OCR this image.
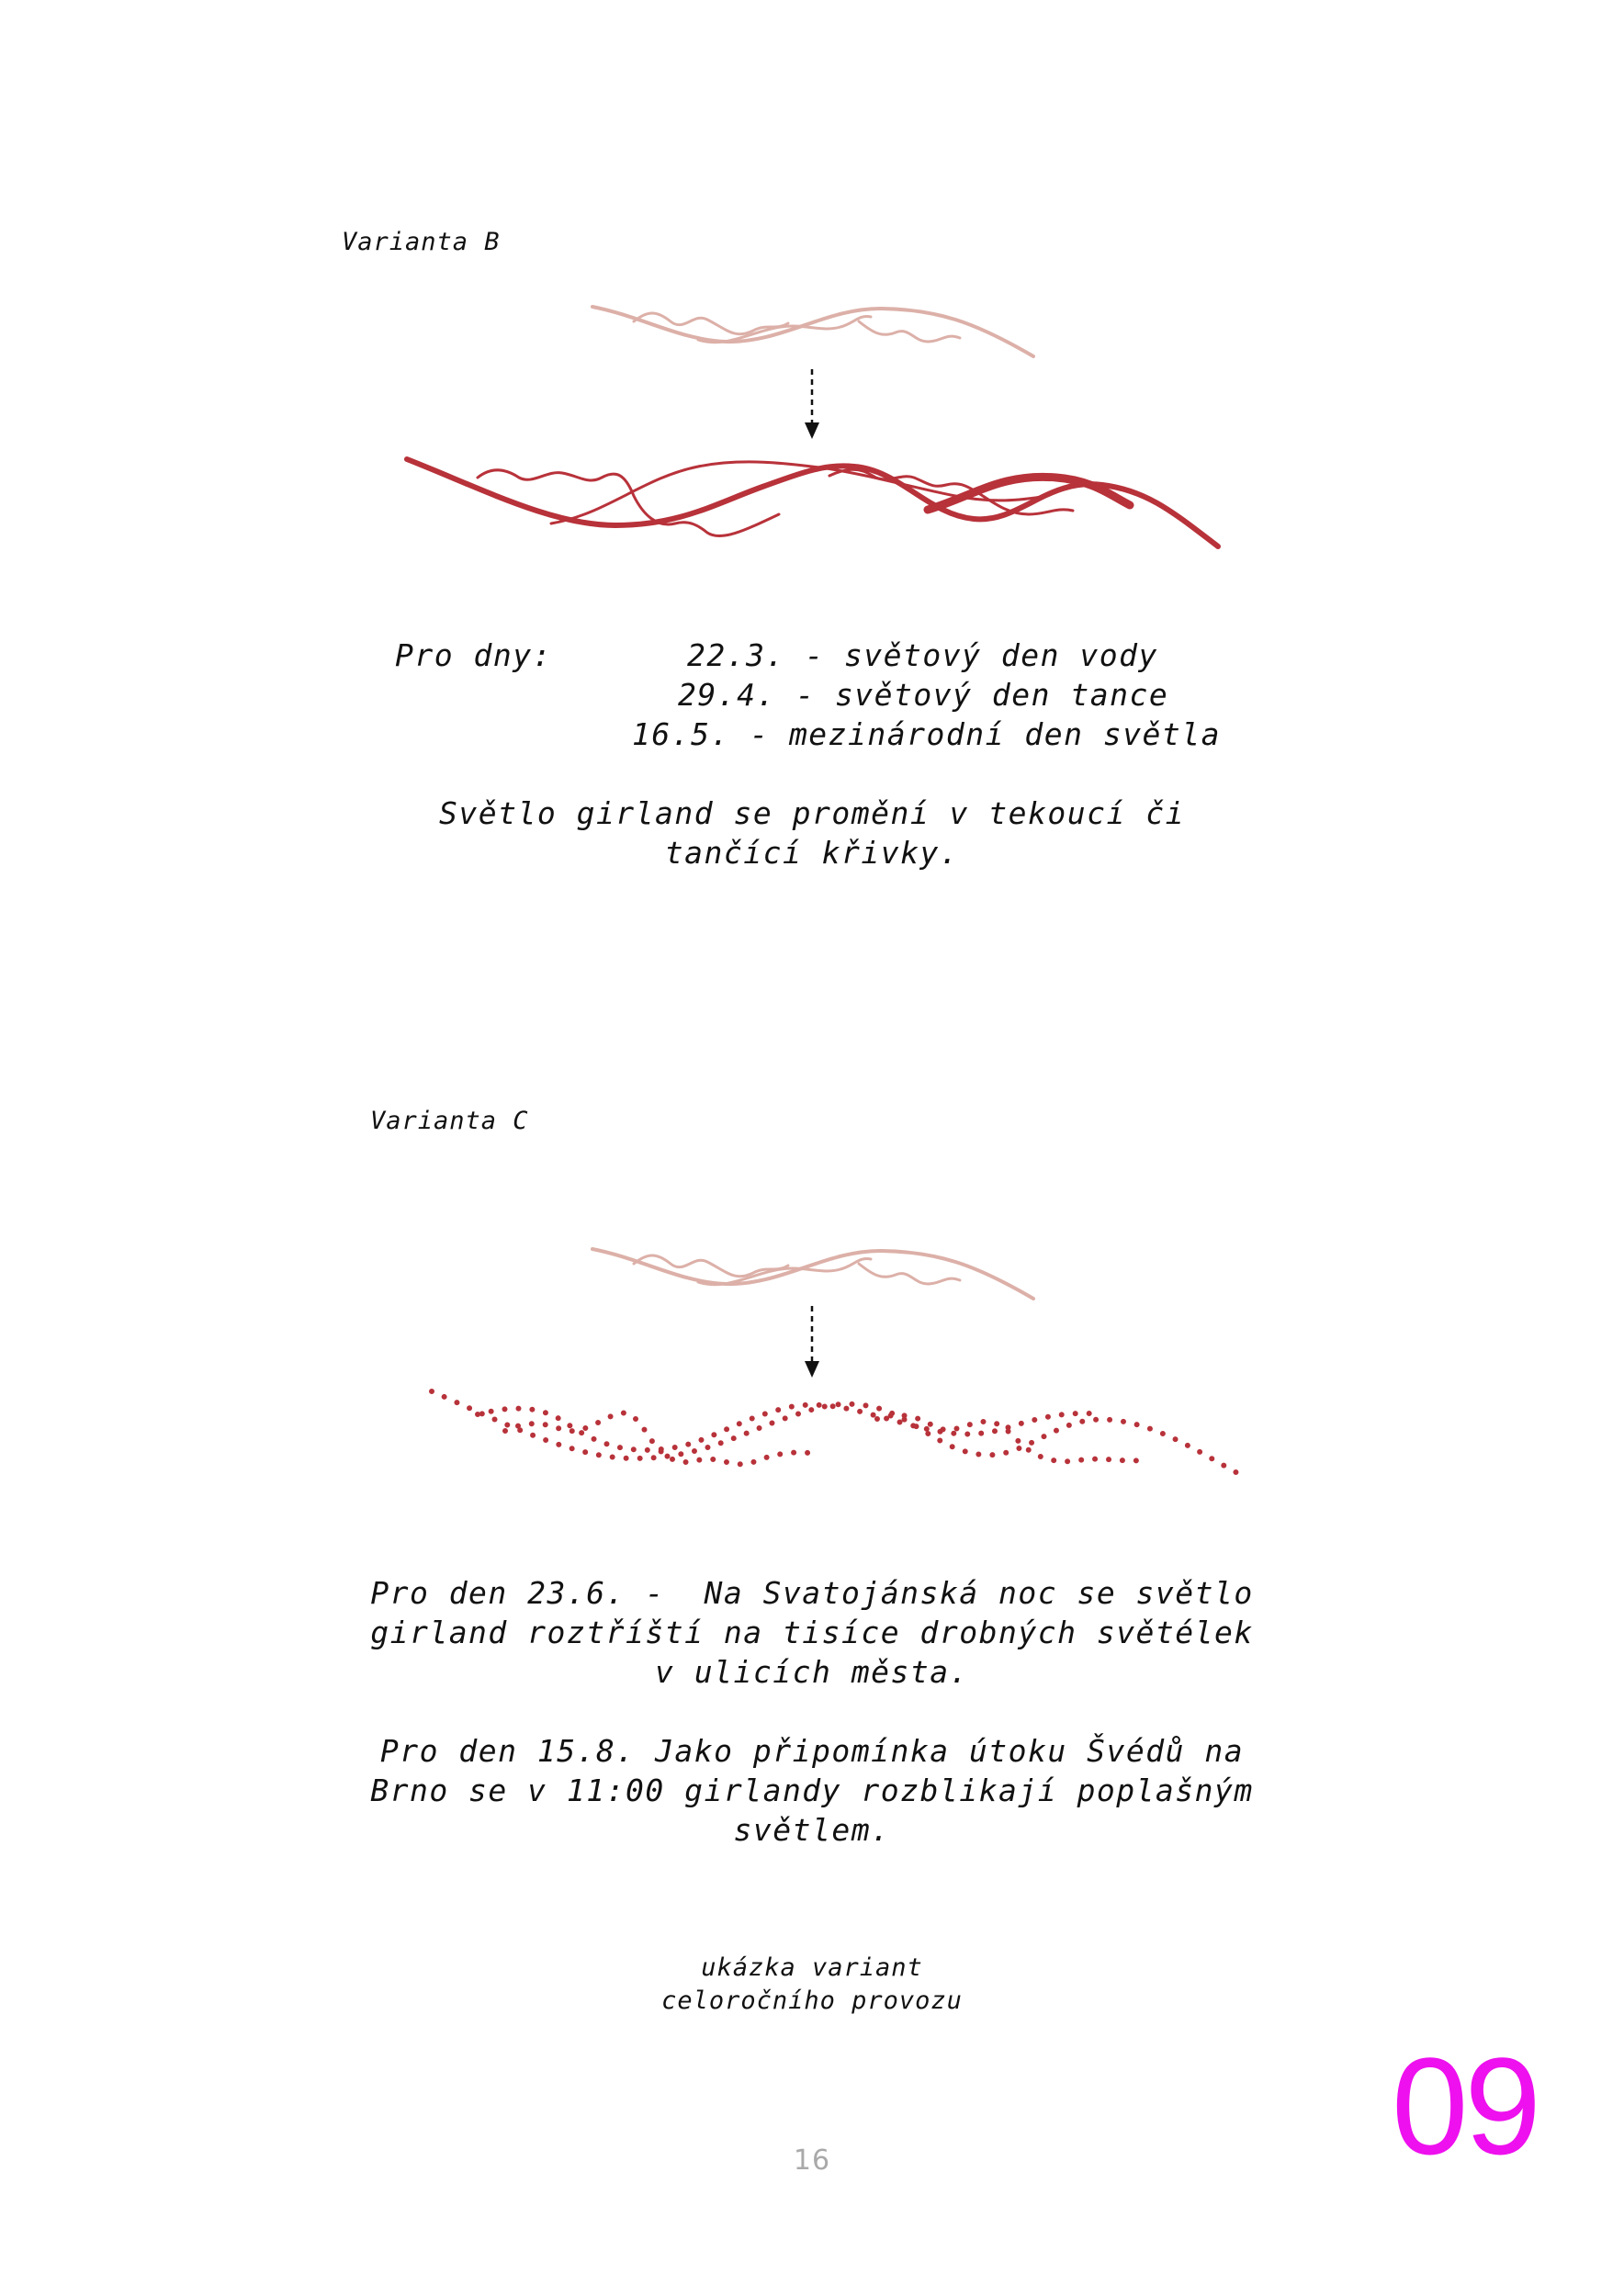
Varianta B
Pro dny:	22.3. - světový den vody
29.4. - světový den tance
16.5. - mezinárodní den světla
Světlo girland se promění v tekoucí či
tančící křivky.
Varianta C
Pro den 23.6. -  Na Svatojánská noc se světlo
girland roztříští na tisíce drobných světélek
v ulicích města.
Pro den 15.8. Jako připomínka útoku Švédů na
Brno se v 11:00 girlandy rozblikají poplašným
světlem.
ukázka variant
celoročního provozu
16	09
